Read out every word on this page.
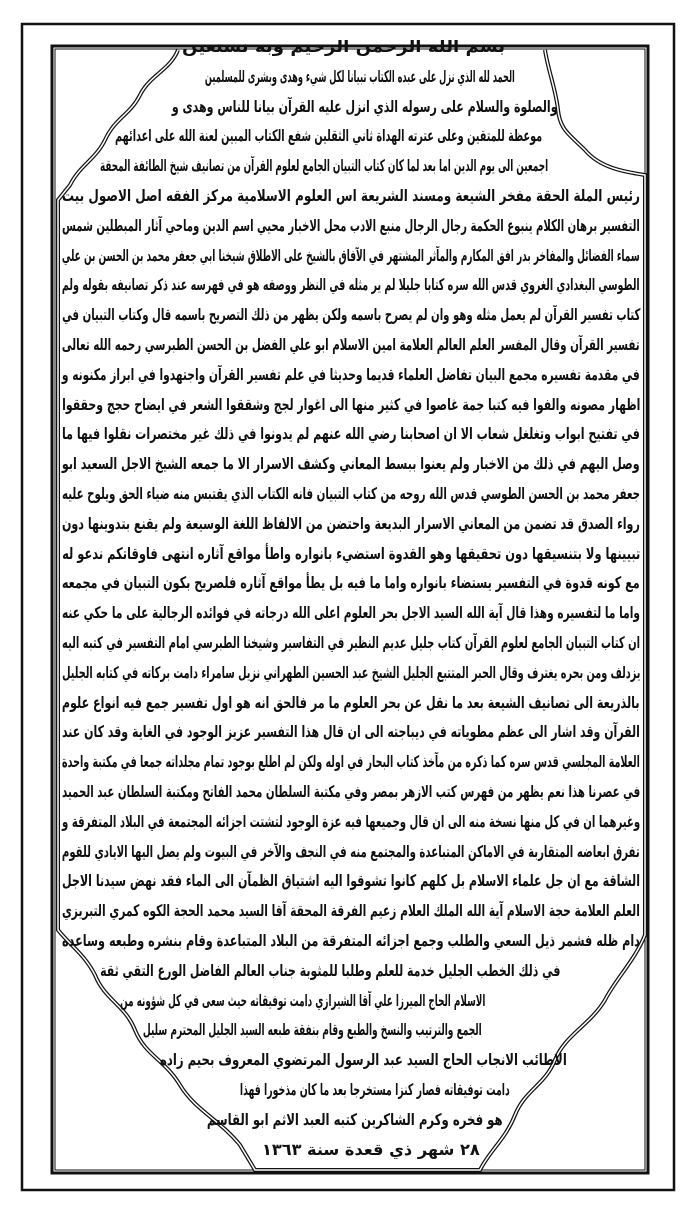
بسم الله الرحمن الرحيم وبه نستعين
الحمد لله الذي نزل على عبده الكتاب تبيانا لكل شيء وهدى وبشرى للمسلمين
والصلوة والسلام على رسوله الذي انزل عليه القرآن بيانا للناس وهدى و
موعظة للمتقين وعلى عترته الهداة ثاني الثقلين شفع الكتاب المبين لعنة الله على اعدائهم
اجمعين الى يوم الدين اما بعد لما كان كتاب التبيان الجامع لعلوم القرآن من تصانيف شيخ الطائفة المحقة
رئيس الملة الحقة مفخر الشيعة ومسند الشريعة اس العلوم الاسلامية مركز الفقه اصل الاصول بيت
التفسير برهان الكلام ينبوع الحكمة رجال الرجال منبع الادب محل الاخبار محيي اسم الدين وماحي آثار المبطلين شمس
سماء الفضائل والمفاخر بدر افق المكارم والمآثر المشتهر في الآفاق بالشيخ على الاطلاق شيخنا ابي جعفر محمد بن الحسن بن علي
الطوسي البغدادي الغروي قدس الله سره كتابا جليلا لم ير مثله في النظر ووصفه هو في فهرسه عند ذكر تصانيفه بقوله ولم
كتاب تفسير القرآن لم يعمل مثله وهو وان لم يصرح باسمه ولكن يظهر من ذلك التصريح باسمه قال وكتاب التبيان في
تفسير القرآن وقال المفسر العلم العالم العلامة امين الاسلام ابو علي الفضل بن الحسن الطبرسي رحمه الله تعالى
في مقدمة تفسيره مجمع البيان تفاضل العلماء قديما وحديثا في علم تفسير القرآن واجتهدوا في ابراز مكنونه و
اظهار مصونه والفوا فيه كتبا جمة غاصوا في كثير منها الى اغوار لجج وشققوا الشعر في ايضاح حجج وحققوا
في تفتيح ابواب وتغلغل شعاب الا ان اصحابنا رضي الله عنهم لم يدونوا في ذلك غير مختصرات نقلوا فيها ما
وصل اليهم في ذلك من الاخبار ولم يعنوا ببسط المعاني وكشف الاسرار الا ما جمعه الشيخ الاجل السعيد ابو
جعفر محمد بن الحسن الطوسي قدس الله روحه من كتاب التبيان فانه الكتاب الذي يقتبس منه ضياء الحق ويلوح عليه
رواء الصدق قد تضمن من المعاني الاسرار البديعة واحتضن من الالفاظ اللغة الوسيعة ولم يقنع بتدوينها دون
تبيينها ولا بتنسيقها دون تحقيقها وهو القدوة استضيء بانواره واطأ مواقع آثاره انتهى فاوقاتكم ندعو له
مع كونه قدوة في التفسير يستضاء بانواره واما ما فيه بل يطأ مواقع آثاره فلصريح بكون التبيان في مجمعه
واما ما لتفسيره وهذا قال آية الله السيد الاجل بحر العلوم اعلى الله درجاته في فوائده الرجالية على ما حكي عنه
ان كتاب التبيان الجامع لعلوم القرآن كتاب جليل عديم النظير في التفاسير وشيخنا الطبرسي امام التفسير في كتبه اليه
يزدلف ومن بحره يغترف وقال الحبر المتتبع الجليل الشيخ عبد الحسين الطهراني نزيل سامراء دامت بركاته في كتابه الجليل
بالذريعة الى تصانيف الشيعة بعد ما نقل عن بحر العلوم ما مر فالحق انه هو اول تفسير جمع فيه انواع علوم
القرآن وقد اشار الى عظم مطوياته في ديباجته الى ان قال هذا التفسير عزيز الوجود في الغاية وقد كان عند
العلامة المجلسي قدس سره كما ذكره من مآخذ كتاب البحار في اوله ولكن لم اطلع بوجود تمام مجلداته جمعا في مكتبة واحدة
في عصرنا هذا نعم يظهر من فهرس كتب الازهر بمصر وفي مكتبة السلطان محمد الفاتح ومكتبة السلطان عبد الحميد
وغيرهما ان في كل منها نسخة منه الى ان قال وجميعها فيه عزة الوجود لتشتت اجزائه المجتمعة في البلاد المتفرقة و
تفرق ابعاضه المتقاربة في الاماكن المتباعدة والمجتمع منه في النجف والآخر في البيوت ولم يصل اليها الايادي للقوم
الشاقة مع ان جل علماء الاسلام بل كلهم كانوا تشوقوا اليه اشتياق الظمآن الى الماء فقد نهض سيدنا الاجل
العلم العلامة حجة الاسلام آية الله الملك العلام زعيم الفرقة المحقة آقا السيد محمد الحجة الكوه كمري التبريزي
دام ظله فشمر ذيل السعي والطلب وجمع اجزائه المتفرقة من البلاد المتباعدة وقام بنشره وطبعه وساعده
في ذلك الخطب الجليل خدمة للعلم وطلبا للمثوبة جناب العالم الفاضل الورع التقي ثقة
الاسلام الحاج الميرزا علي آقا الشيرازي دامت توفيقاته حيث سعى في كل شؤونه من
الجمع والترتيب والنسخ والطبع وقام بنفقة طبعه السيد الجليل المحترم سليل
الاطائب الانجاب الحاج السيد عبد الرسول المرتضوي المعروف بحيم زاده
دامت توفيقاته فصار كنزا مستخرجا بعد ما كان مذخورا فهذا
هو فخره وكرم الشاكرين كتبه العبد الاثم ابو القاسم
٢٨ شهر ذي قعدة سنة ١٣٦٣
